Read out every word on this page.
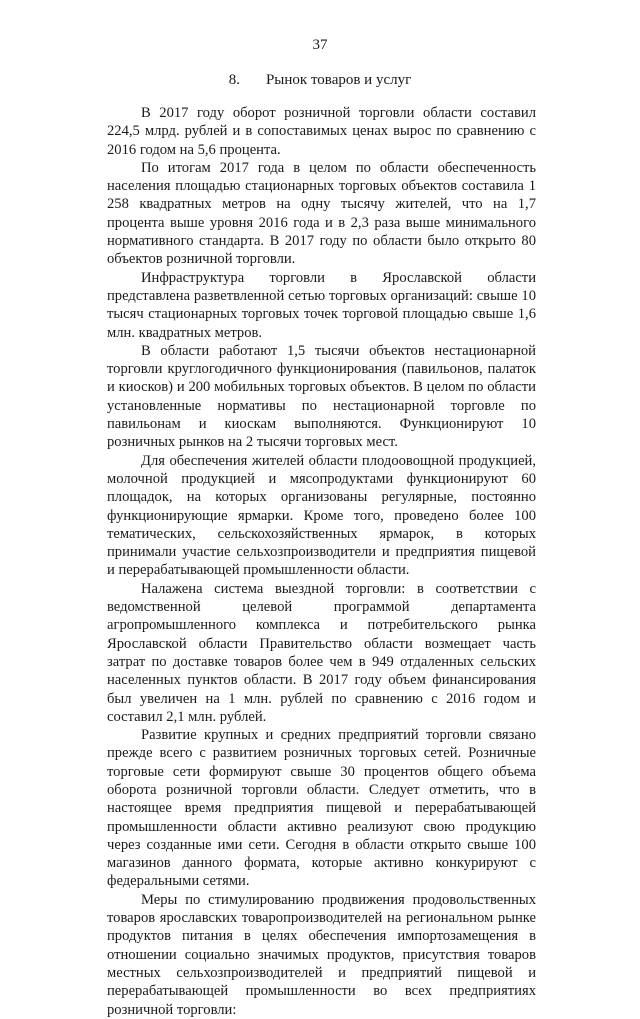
37
8. Рынок товаров и услуг

В 2017 году оборот розничной торговли области составил 224,5 млрд. рублей и в сопоставимых ценах вырос по сравнению с 2016 годом на 5,6 процента.

По итогам 2017 года в целом по области обеспеченность населения площадью стационарных торговых объектов составила 1 258 квадратных метров на одну тысячу жителей, что на 1,7 процента выше уровня 2016 года и в 2,3 раза выше минимального нормативного стандарта. В 2017 году по области было открыто 80 объектов розничной торговли.

Инфраструктура торговли в Ярославской области представлена разветвленной сетью торговых организаций: свыше 10 тысяч стационарных торговых точек торговой площадью свыше 1,6 млн. квадратных метров.

В области работают 1,5 тысячи объектов нестационарной торговли круглогодичного функционирования (павильонов, палаток и киосков) и 200 мобильных торговых объектов. В целом по области установленные нормативы по нестационарной торговле по павильонам и киоскам выполняются. Функционируют 10 розничных рынков на 2 тысячи торговых мест.

Для обеспечения жителей области плодоовощной продукцией, молочной продукцией и мясопродуктами функционируют 60 площадок, на которых организованы регулярные, постоянно функционирующие ярмарки. Кроме того, проведено более 100 тематических, сельскохозяйственных ярмарок, в которых принимали участие сельхозпроизводители и предприятия пищевой и перерабатывающей промышленности области.

Налажена система выездной торговли: в соответствии с ведомственной целевой программой департамента агропромышленного комплекса и потребительского рынка Ярославской области Правительство области возмещает часть затрат по доставке товаров более чем в 949 отдаленных сельских населенных пунктов области. В 2017 году объем финансирования был увеличен на 1 млн. рублей по сравнению с 2016 годом и составил 2,1 млн. рублей.

Развитие крупных и средних предприятий торговли связано прежде всего с развитием розничных торговых сетей. Розничные торговые сети формируют свыше 30 процентов общего объема оборота розничной торговли области. Следует отметить, что в настоящее время предприятия пищевой и перерабатывающей промышленности области активно реализуют свою продукцию через созданные ими сети. Сегодня в области открыто свыше 100 магазинов данного формата, которые активно конкурируют с федеральными сетями.

Меры по стимулированию продвижения продовольственных товаров ярославских товаропроизводителей на региональном рынке продуктов питания в целях обеспечения импортозамещения в отношении социально значимых продуктов, присутствия товаров местных сельхозпроизводителей и предприятий пищевой и перерабатывающей промышленности во всех предприятиях розничной торговли:
